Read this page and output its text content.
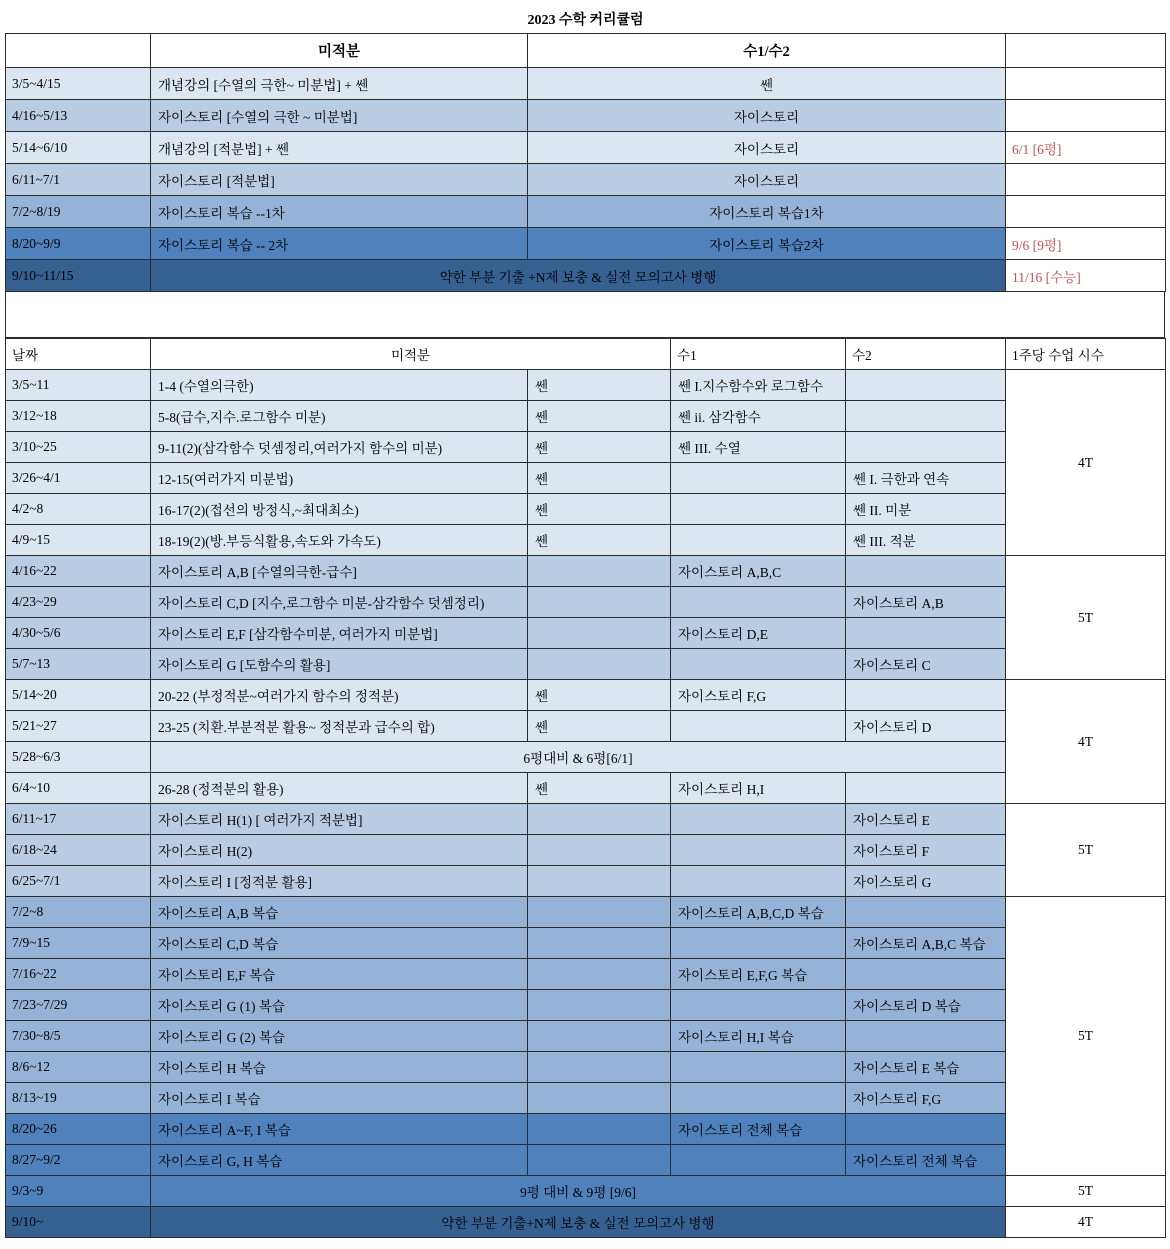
2023 수학 커리큘럼			
	미적분	수1/수2	
3/5~4/15	개념강의 [수열의 극한~ 미분법] + 쎈	쎈	
4/16~5/13	자이스토리 [수열의 극한 ~ 미분법]	자이스토리	
5/14~6/10	개념강의 [적분법] + 쎈	자이스토리	6/1 [6평]
6/11~7/1	자이스토리 [적분법]	자이스토리	
7/2~8/19	자이스토리 복습 --1차	자이스토리 복습1차	
8/20~9/9	자이스토리 복습 -- 2차	자이스토리 복습2차	9/6 [9평]
9/10~11/15	약한 부분 기출 +N제 보충 & 실전 모의고사 병행		11/16 [수능]
날짜	미적분		수1	수2	1주당 수업 시수
3/5~11	1-4 (수열의극한)	쎈	쎈 I.지수함수와 로그함수		4T
3/12~18	5-8(급수,지수.로그함수 미분)	쎈	쎈 ii. 삼각함수		
3/10~25	9-11(2)(삼각함수 덧셈정리,여러가지 함수의 미분)	쎈	쎈 III. 수열		
3/26~4/1	12-15(여러가지 미분법)	쎈		쎈 I. 극한과 연속	
4/2~8	16-17(2)(접선의 방정식,~최대최소)	쎈		쎈 II. 미분	
4/9~15	18-19(2)(방.부등식활용,속도와 가속도)	쎈		쎈 III. 적분	
4/16~22	자이스토리 A,B [수열의극한-급수]		자이스토리 A,B,C		5T
4/23~29	자이스토리 C,D [지수,로그함수 미분-삼각함수 덧셈정리)			자이스토리 A,B	
4/30~5/6	자이스토리 E,F [삼각함수미분, 여러가지 미분법]		자이스토리 D,E		
5/7~13	자이스토리 G [도함수의 활용]			자이스토리 C	
5/14~20	20-22 (부정적분~여러가지 함수의 정적분)	쎈	자이스토리 F,G		4T
5/21~27	23-25 (치환.부분적분 활용~ 정적분과 급수의 합)	쎈		자이스토리 D	
5/28~6/3	6평대비 & 6평[6/1]				
6/4~10	26-28 (정적분의 활용)	쎈	자이스토리 H,I		
6/11~17	자이스토리 H(1) [ 여러가지 적분법]			자이스토리 E	5T
6/18~24	자이스토리 H(2)			자이스토리 F	
6/25~7/1	자이스토리 I [정적분 활용]			자이스토리 G	
7/2~8	자이스토리 A,B 복습		자이스토리 A,B,C,D 복습		5T
7/9~15	자이스토리 C,D 복습			자이스토리 A,B,C 복습	
7/16~22	자이스토리 E,F 복습		자이스토리 E,F,G 복습		
7/23~7/29	자이스토리 G (1) 복습			자이스토리 D 복습	
7/30~8/5	자이스토리 G (2) 복습		자이스토리 H,I 복습		
8/6~12	자이스토리 H 복습			자이스토리 E 복습	
8/13~19	자이스토리 I 복습			자이스토리 F,G	
8/20~26	자이스토리 A~F, I 복습		자이스토리 전체 복습		
8/27~9/2	자이스토리 G, H 복습			자이스토리 전체 복습	
9/3~9	9평 대비 & 9평 [9/6]				5T
9/10~	약한 부분 기출+N제 보충 & 실전 모의고사 병행				4T
